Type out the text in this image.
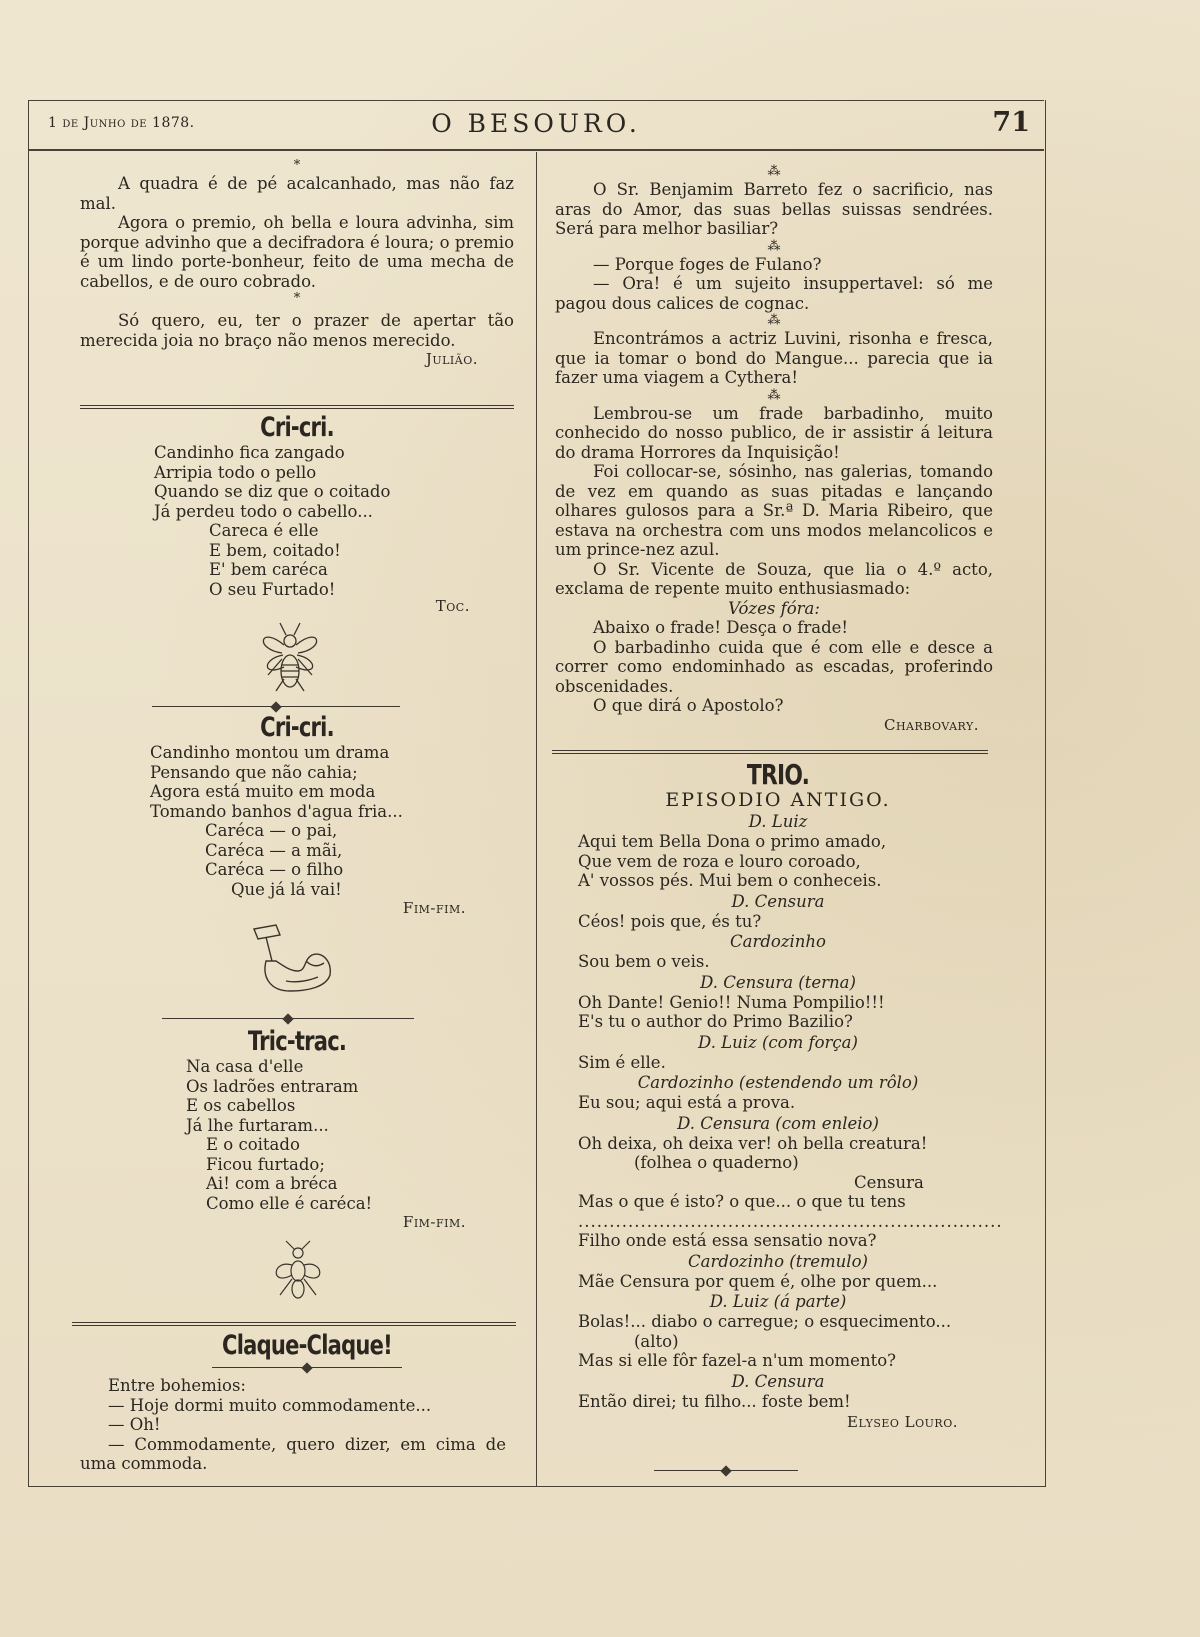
1 de Junho de 1878.	O BESOURO.	71
*

A quadra é de pé acalcanhado, mas não faz mal.

Agora o premio, oh bella e loura advinha, sim porque advinho que a decifradora é loura; o premio é um lindo porte-bonheur, feito de uma mecha de cabellos, e de ouro cobrado.

*

Só quero, eu, ter o prazer de apertar tão merecida joia no braço não menos merecido.

Julião.
Cri-cri.
Candinho fica zangado
Arripia todo o pello
Quando se diz que o coitado
Já perdeu todo o cabello...
Careca é elle
E bem, coitado!
E' bem caréca
O seu Furtado!
Toc.
Cri-cri.
Candinho montou um drama
Pensando que não cahia;
Agora está muito em moda
Tomando banhos d'agua fria...
Caréca — o pai,
Caréca — a mãi,
Caréca — o filho
Que já lá vai!
Fim-fim.
Tric-trac.
Na casa d'elle
Os ladrões entraram
E os cabellos
Já lhe furtaram...
E o coitado
Ficou furtado;
Ai! com a bréca
Como elle é caréca!
Fim-fim.
Claque-Claque!

Entre bohemios:

— Hoje dormi muito commodamente...

— Oh!

— Commodamente, quero dizer, em cima de uma commoda.

⁂

O Sr. Benjamim Barreto fez o sacrificio, nas aras do Amor, das suas bellas suissas sendrées. Será para melhor basiliar?

⁂

— Porque foges de Fulano?

— Ora! é um sujeito insuppertavel: só me pagou dous calices de cognac.

⁂

Encontrámos a actriz Luvini, risonha e fresca, que ia tomar o bond do Mangue... parecia que ia fazer uma viagem a Cythera!

⁂

Lembrou-se um frade barbadinho, muito conhecido do nosso publico, de ir assistir á leitura do drama Horrores da Inquisição!

Foi collocar-se, sósinho, nas galerias, tomando de vez em quando as suas pitadas e lançando olhares gulosos para a Sr.ª D. Maria Ribeiro, que estava na orchestra com uns modos melancolicos e um prince-nez azul.

O Sr. Vicente de Souza, que lia o 4.º acto, exclama de repente muito enthusiasmado:

Vózes fóra:

Abaixo o frade! Desça o frade!

O barbadinho cuida que é com elle e desce a correr como endominhado as escadas, proferindo obscenidades.

O que dirá o Apostolo?

Charbovary.
TRIO.
EPISODIO ANTIGO.
D. Luiz
Aqui tem Bella Dona o primo amado,
Que vem de roza e louro coroado,
A' vossos pés. Mui bem o conheceis.
D. Censura
Céos! pois que, és tu?
Cardozinho
Sou bem o veis.
D. Censura (terna)
Oh Dante! Genio!! Numa Pompilio!!!
E's tu o author do Primo Bazilio?
D. Luiz (com força)
Sim é elle.
Cardozinho (estendendo um rôlo)
Eu sou; aqui está a prova.
D. Censura (com enleio)
Oh deixa, oh deixa ver! oh bella creatura!
(folhea o quaderno)
Censura
Mas o que é isto? o que... o que tu tens
....................................................................
Filho onde está essa sensatio nova?
Cardozinho (tremulo)
Mãe Censura por quem é, olhe por quem...
D. Luiz (á parte)
Bolas!... diabo o carregue; o esquecimento...
(alto)
Mas si elle fôr fazel-a n'um momento?
D. Censura
Então direi; tu filho... foste bem!
Elyseo Louro.
